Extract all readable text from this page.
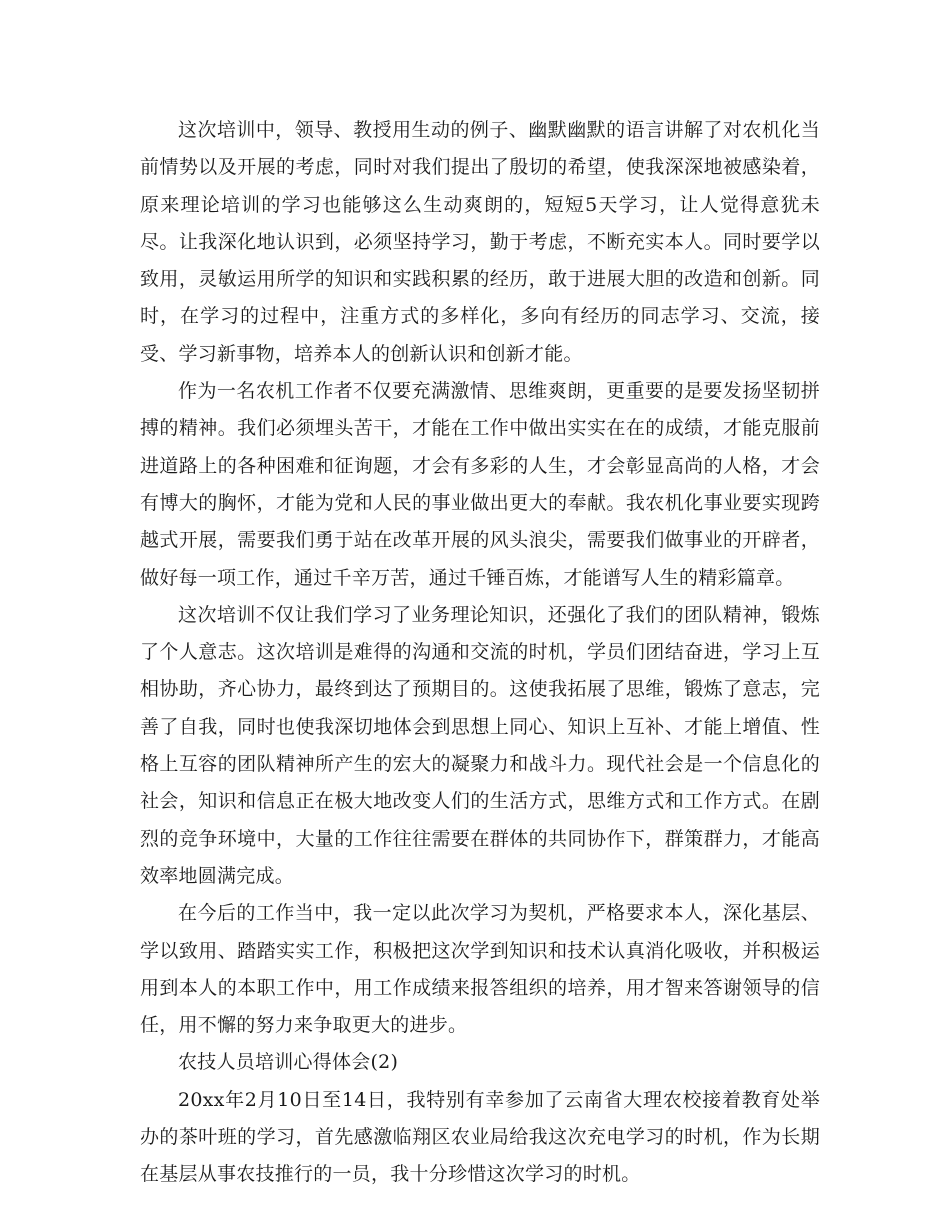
这次培训中，领导、教授用生动的例子、幽默幽默的语言讲解了对农机化当前情势以及开展的考虑，同时对我们提出了殷切的希望，使我深深地被感染着，原来理论培训的学习也能够这么生动爽朗的，短短5天学习，让人觉得意犹未尽。让我深化地认识到，必须坚持学习，勤于考虑，不断充实本人。同时要学以致用，灵敏运用所学的知识和实践积累的经历，敢于进展大胆的改造和创新。同时，在学习的过程中，注重方式的多样化，多向有经历的同志学习、交流，接受、学习新事物，培养本人的创新认识和创新才能。

作为一名农机工作者不仅要充满激情、思维爽朗，更重要的是要发扬坚韧拼搏的精神。我们必须埋头苦干，才能在工作中做出实实在在的成绩，才能克服前进道路上的各种困难和征询题，才会有多彩的人生，才会彰显高尚的人格，才会有博大的胸怀，才能为党和人民的事业做出更大的奉献。我农机化事业要实现跨越式开展，需要我们勇于站在改革开展的风头浪尖，需要我们做事业的开辟者，做好每一项工作，通过千辛万苦，通过千锤百炼，才能谱写人生的精彩篇章。

这次培训不仅让我们学习了业务理论知识，还强化了我们的团队精神，锻炼了个人意志。这次培训是难得的沟通和交流的时机，学员们团结奋进，学习上互相协助，齐心协力，最终到达了预期目的。这使我拓展了思维，锻炼了意志，完善了自我，同时也使我深切地体会到思想上同心、知识上互补、才能上增值、性格上互容的团队精神所产生的宏大的凝聚力和战斗力。现代社会是一个信息化的社会，知识和信息正在极大地改变人们的生活方式，思维方式和工作方式。在剧烈的竞争环境中，大量的工作往往需要在群体的共同协作下，群策群力，才能高效率地圆满完成。

在今后的工作当中，我一定以此次学习为契机，严格要求本人，深化基层、学以致用、踏踏实实工作，积极把这次学到知识和技术认真消化吸收，并积极运用到本人的本职工作中，用工作成绩来报答组织的培养，用才智来答谢领导的信任，用不懈的努力来争取更大的进步。

农技人员培训心得体会(2)

20xx年2月10日至14日，我特别有幸参加了云南省大理农校接着教育处举办的茶叶班的学习，首先感激临翔区农业局给我这次充电学习的时机，作为长期在基层从事农技推行的一员，我十分珍惜这次学习的时机。
